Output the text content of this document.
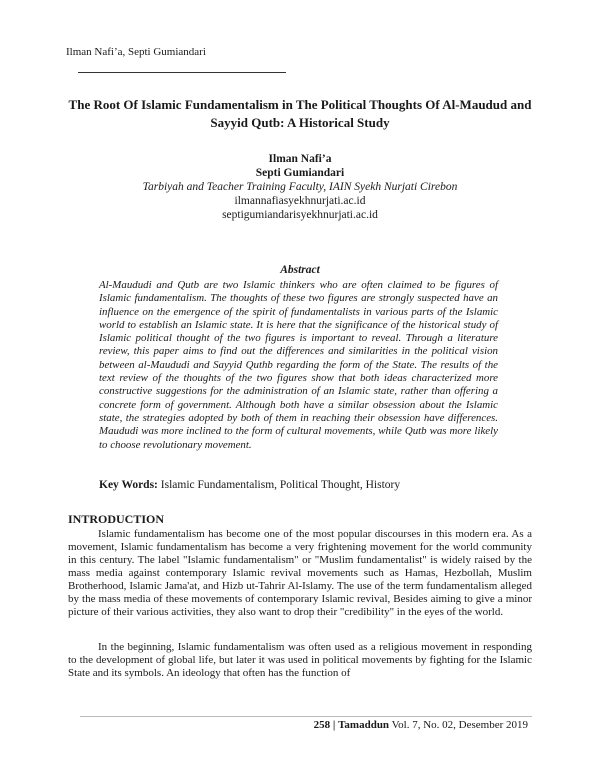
Ilman Nafi’a, Septi Gumiandari
The Root Of Islamic Fundamentalism in The Political Thoughts Of Al-Maudud and Sayyid Qutb: A Historical Study
Ilman Nafi’a
Septi Gumiandari
Tarbiyah and Teacher Training Faculty, IAIN Syekh Nurjati Cirebon
ilmannafiasyekhnurjati.ac.id
septigumiandarisyekhnurjati.ac.id
Abstract
Al-Maududi and Qutb are two Islamic thinkers who are often claimed to be figures of Islamic fundamentalism. The thoughts of these two figures are strongly suspected have an influence on the emergence of the spirit of fundamentalists in various parts of the Islamic world to establish an Islamic state. It is here that the significance of the historical study of Islamic political thought of the two figures is important to reveal. Through a literature review, this paper aims to find out the differences and similarities in the political vision between al-Maududi and Sayyid Quthb regarding the form of the State. The results of the text review of the thoughts of the two figures show that both ideas characterized more constructive suggestions for the administration of an Islamic state, rather than offering a concrete form of government. Although both have a similar obsession about the Islamic state, the strategies adopted by both of them in reaching their obsession have differences. Maududi was more inclined to the form of cultural movements, while Qutb was more likely to choose revolutionary movement.
Key Words: Islamic Fundamentalism, Political Thought, History
INTRODUCTION
Islamic fundamentalism has become one of the most popular discourses in this modern era. As a movement, Islamic fundamentalism has become a very frightening movement for the world community in this century. The label "Islamic fundamentalism" or "Muslim fundamentalist" is widely raised by the mass media against contemporary Islamic revival movements such as Hamas, Hezbollah, Muslim Brotherhood, Islamic Jama'at, and Hizb ut-Tahrir Al-Islamy. The use of the term fundamentalism alleged by the mass media of these movements of contemporary Islamic revival, Besides aiming to give a minor picture of their various activities, they also want to drop their "credibility" in the eyes of the world.
In the beginning, Islamic fundamentalism was often used as a religious movement in responding to the development of global life, but later it was used in political movements by fighting for the Islamic State and its symbols. An ideology that often has the function of
258 | Tamaddun Vol. 7, No. 02, Desember 2019
